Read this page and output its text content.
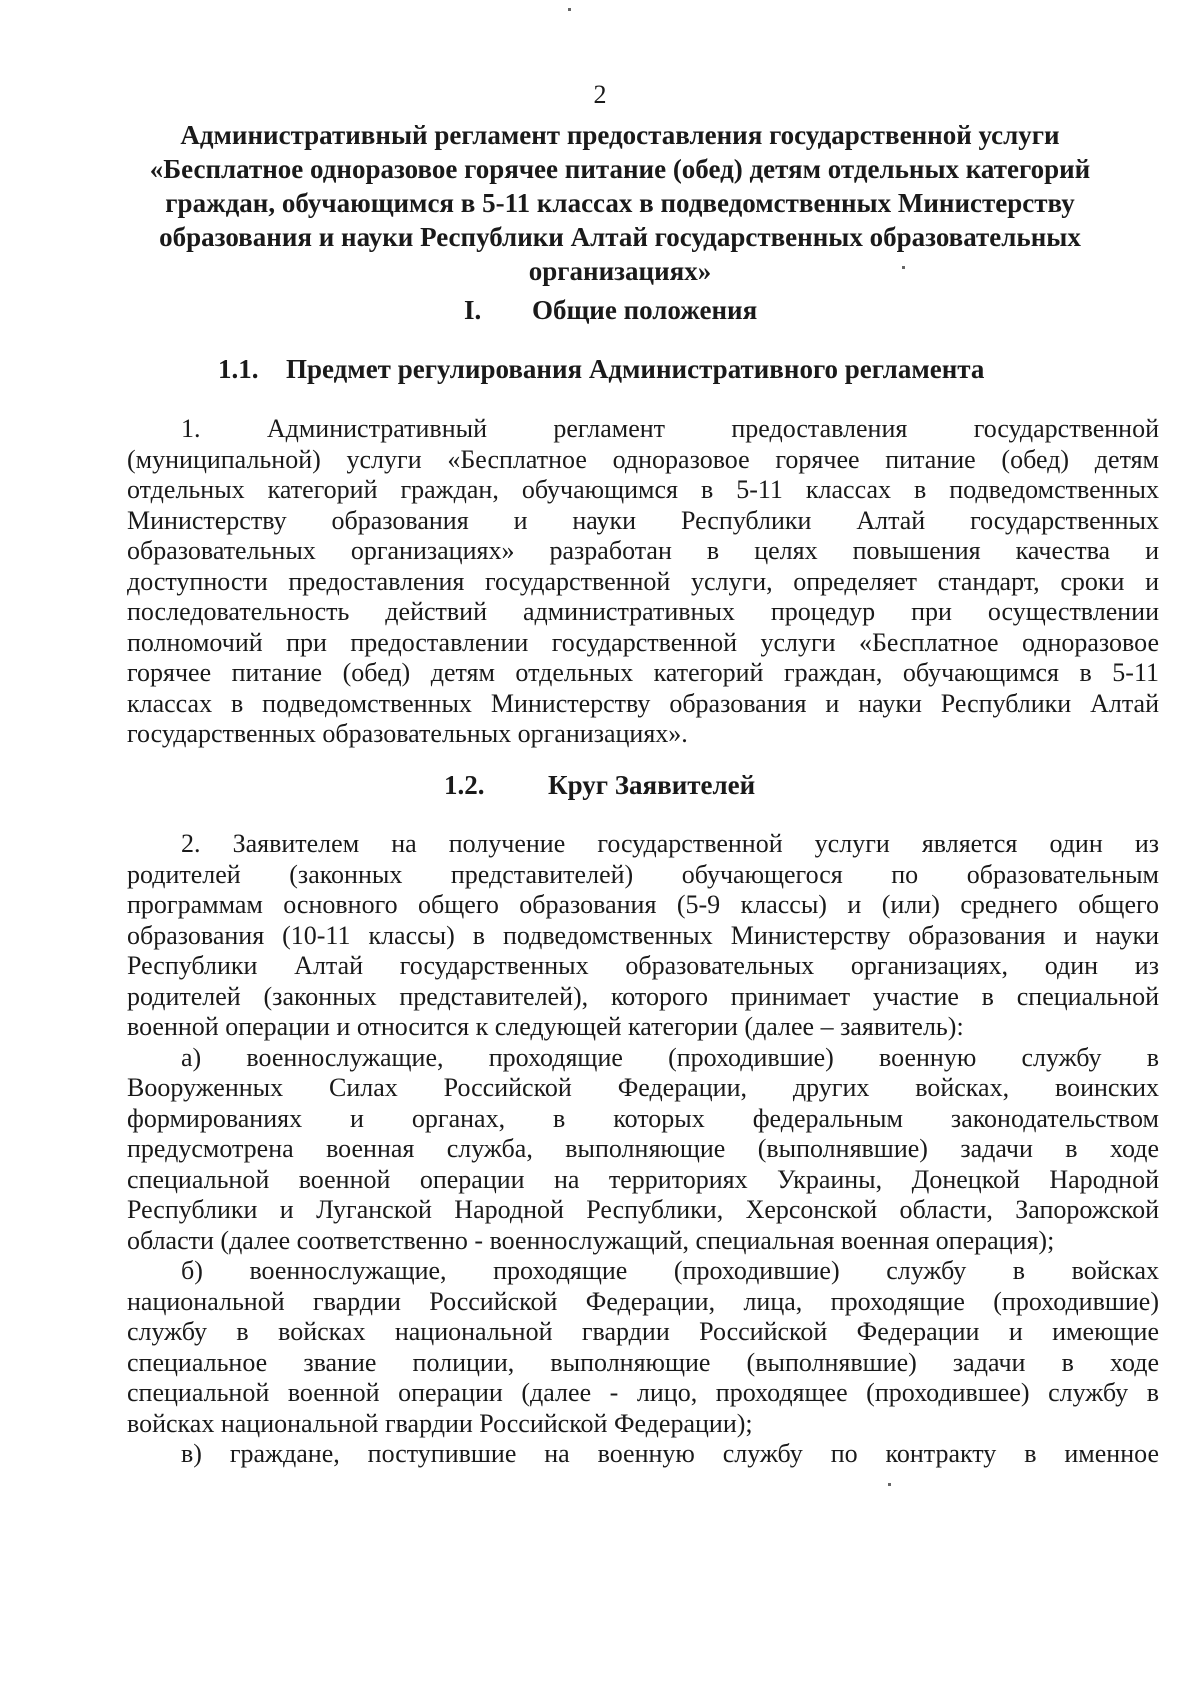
2
Административный регламент предоставления государственной услуги
«Бесплатное одноразовое горячее питание (обед) детям отдельных категорий
граждан, обучающимся в 5-11 классах в подведомственных Министерству
образования и науки Республики Алтай государственных образовательных
организациях»
I. Общие положения
1.1. Предмет регулирования Административного регламента
1. Административный регламент предоставления государственной
(муниципальной) услуги «Бесплатное одноразовое горячее питание (обед) детям
отдельных категорий граждан, обучающимся в 5-11 классах в подведомственных
Министерству образования и науки Республики Алтай государственных
образовательных организациях» разработан в целях повышения качества и
доступности предоставления государственной услуги, определяет стандарт, сроки и
последовательность действий административных процедур при осуществлении
полномочий при предоставлении государственной услуги «Бесплатное одноразовое
горячее питание (обед) детям отдельных категорий граждан, обучающимся в 5-11
классах в подведомственных Министерству образования и науки Республики Алтай
государственных образовательных организациях».
1.2. Круг Заявителей
2. Заявителем на получение государственной услуги является один из
родителей (законных представителей) обучающегося по образовательным
программам основного общего образования (5-9 классы) и (или) среднего общего
образования (10-11 классы) в подведомственных Министерству образования и науки
Республики Алтай государственных образовательных организациях, один из
родителей (законных представителей), которого принимает участие в специальной
военной операции и относится к следующей категории (далее – заявитель):
а) военнослужащие, проходящие (проходившие) военную службу в
Вооруженных Силах Российской Федерации, других войсках, воинских
формированиях и органах, в которых федеральным законодательством
предусмотрена военная служба, выполняющие (выполнявшие) задачи в ходе
специальной военной операции на территориях Украины, Донецкой Народной
Республики и Луганской Народной Республики, Херсонской области, Запорожской
области (далее соответственно - военнослужащий, специальная военная операция);
б) военнослужащие, проходящие (проходившие) службу в войсках
национальной гвардии Российской Федерации, лица, проходящие (проходившие)
службу в войсках национальной гвардии Российской Федерации и имеющие
специальное звание полиции, выполняющие (выполнявшие) задачи в ходе
специальной военной операции (далее - лицо, проходящее (проходившее) службу в
войсках национальной гвардии Российской Федерации);
в) граждане, поступившие на военную службу по контракту в именное
